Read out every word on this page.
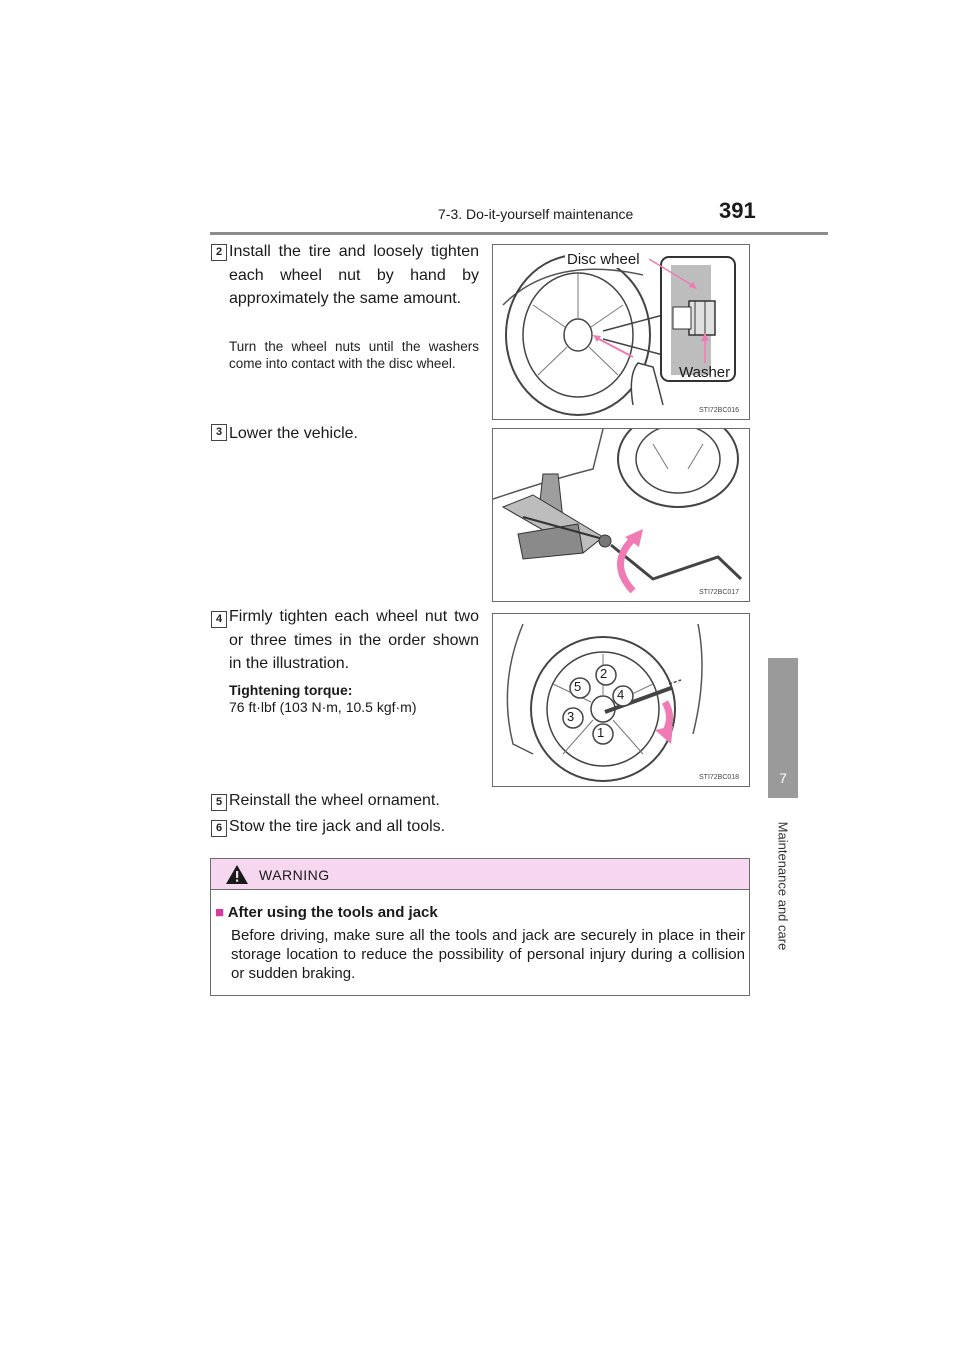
7-3. Do-it-yourself maintenance	391
7
Maintenance and care
2 Install the tire and loosely tighten each wheel nut by hand by approximately the same amount.
Turn the wheel nuts until the washers come into contact with the disc wheel.
Disc wheel
Washer
STI72BC016
3 Lower the vehicle.
STI72BC017
4 Firmly tighten each wheel nut two or three times in the order shown in the illustration.
Tightening torque:
76 ft·lbf (103 N·m, 10.5 kgf·m)
1
2
3
4
5
STI72BC018
5 Reinstall the wheel ornament.
6 Stow the tire jack and all tools.
WARNING
■ After using the tools and jack
Before driving, make sure all the tools and jack are securely in place in their storage location to reduce the possibility of personal injury during a collision or sudden braking.
